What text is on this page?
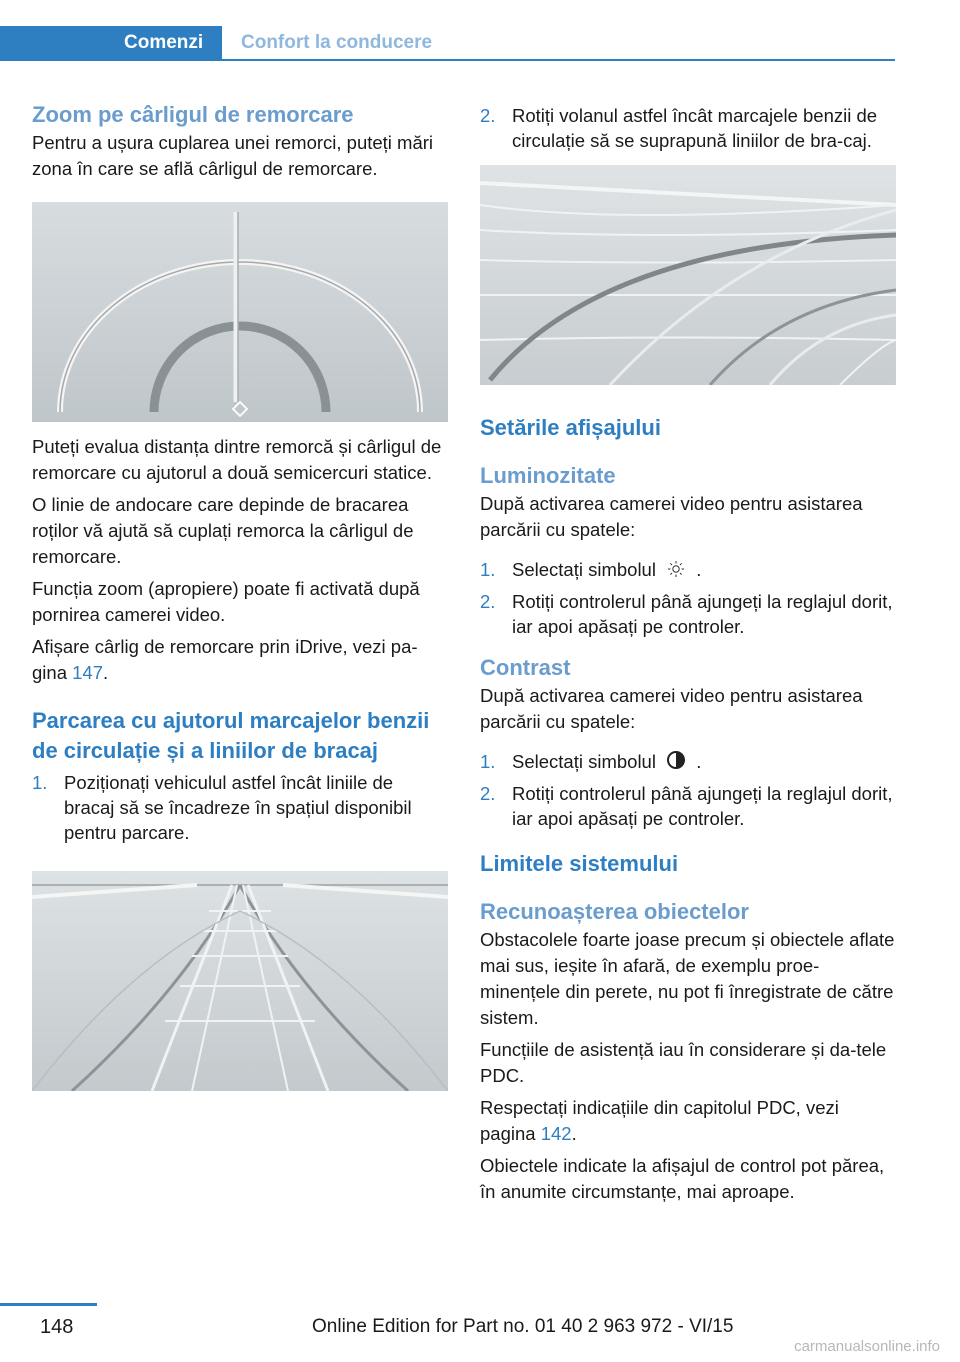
Comenzi	Confort la conducere
Zoom pe cârligul de remorcare

Pentru a ușura cuplarea unei remorci, puteți mări zona în care se află cârligul de remorcare.

Puteți evalua distanța dintre remorcă și cârligul de remorcare cu ajutorul a două semicercuri statice.

O linie de andocare care depinde de bracarea roților vă ajută să cuplați remorca la cârligul de remorcare.

Funcția zoom (apropiere) poate fi activată după pornirea camerei video.

Afișare cârlig de remorcare prin iDrive, vezi pa-gina 147.

Parcarea cu ajutorul marcajelor benzii de circulație și a liniilor de bracaj
1. Poziționați vehiculul astfel încât liniile de bracaj să se încadreze în spațiul disponibil pentru parcare.
2. Rotiți volanul astfel încât marcajele benzii de circulație să se suprapună liniilor de bra-caj.
Setările afișajului
Luminozitate

După activarea camerei video pentru asistarea parcării cu spatele:

1. Selectați simbolul .
2. Rotiți controlerul până ajungeți la reglajul dorit, iar apoi apăsați pe controler.
Contrast

După activarea camerei video pentru asistarea parcării cu spatele:

1. Selectați simbolul .
2. Rotiți controlerul până ajungeți la reglajul dorit, iar apoi apăsați pe controler.
Limitele sistemului
Recunoașterea obiectelor

Obstacolele foarte joase precum și obiectele aflate mai sus, ieșite în afară, de exemplu proe-minențele din perete, nu pot fi înregistrate de către sistem.

Funcțiile de asistență iau în considerare și da-tele PDC.

Respectați indicațiile din capitolul PDC, vezi pagina 142.

Obiectele indicate la afișajul de control pot părea, în anumite circumstanțe, mai aproape.

148	Online Edition for Part no. 01 40 2 963 972 - VI/15
carmanualsonline.info
